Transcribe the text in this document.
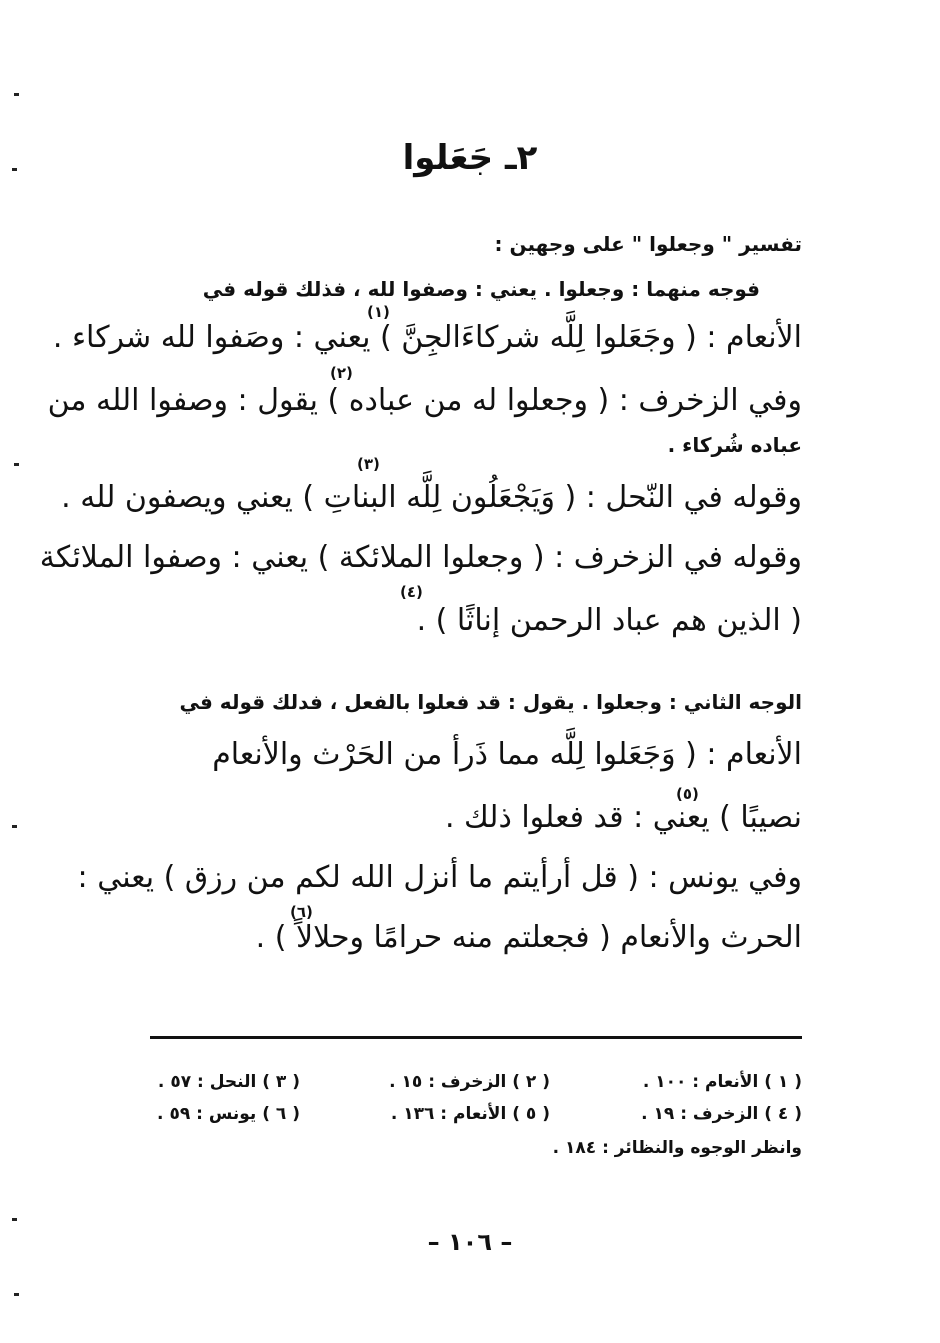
٢ـ جَعَلوا
تفسير " وجعلوا " على وجهين :
فوجه منهما : وجعلوا . يعني : وصفوا لله ، فذلك قوله في
الأنعام : ( وجَعَلوا لِلَّه شركاءَالجِنَّ ) يعني : وصَفوا لله شركاء .
وفي الزخرف : ( وجعلوا له من عباده ) يقول : وصفوا الله من
عباده شُركاء .
وقوله في النّحل : ( وَيَجْعَلُون لِلَّه البناتِ ) يعني ويصفون لله .
وقوله في الزخرف : ( وجعلوا الملائكة ) يعني : وصفوا الملائكة
( الذين هم عباد الرحمن إناثًا ) .
الوجه الثاني : وجعلوا . يقول : قد فعلوا بالفعل ، فدلك قوله في
الأنعام : ( وَجَعَلوا لِلَّه مما ذَرأ من الحَرْث والأنعام
نصيبًا ) يعني : قد فعلوا ذلك .
وفي يونس : ( قل أرأيتم ما أنزل الله لكم من رزق ) يعني :
الحرث والأنعام ( فجعلتم منه حرامًا وحلالاً ) .
(١)
(٢)
(٣)
(٤)
(٥)
(٦)
( ١ ) الأنعام : ١٠٠ .
( ٢ ) الزخرف : ١٥ .
( ٣ ) النحل : ٥٧ .
( ٤ ) الزخرف : ١٩ .
( ٥ ) الأنعام : ١٣٦ .
( ٦ ) يونس : ٥٩ .
وانظر الوجوه والنظائر : ١٨٤ .
– ١٠٦ –
